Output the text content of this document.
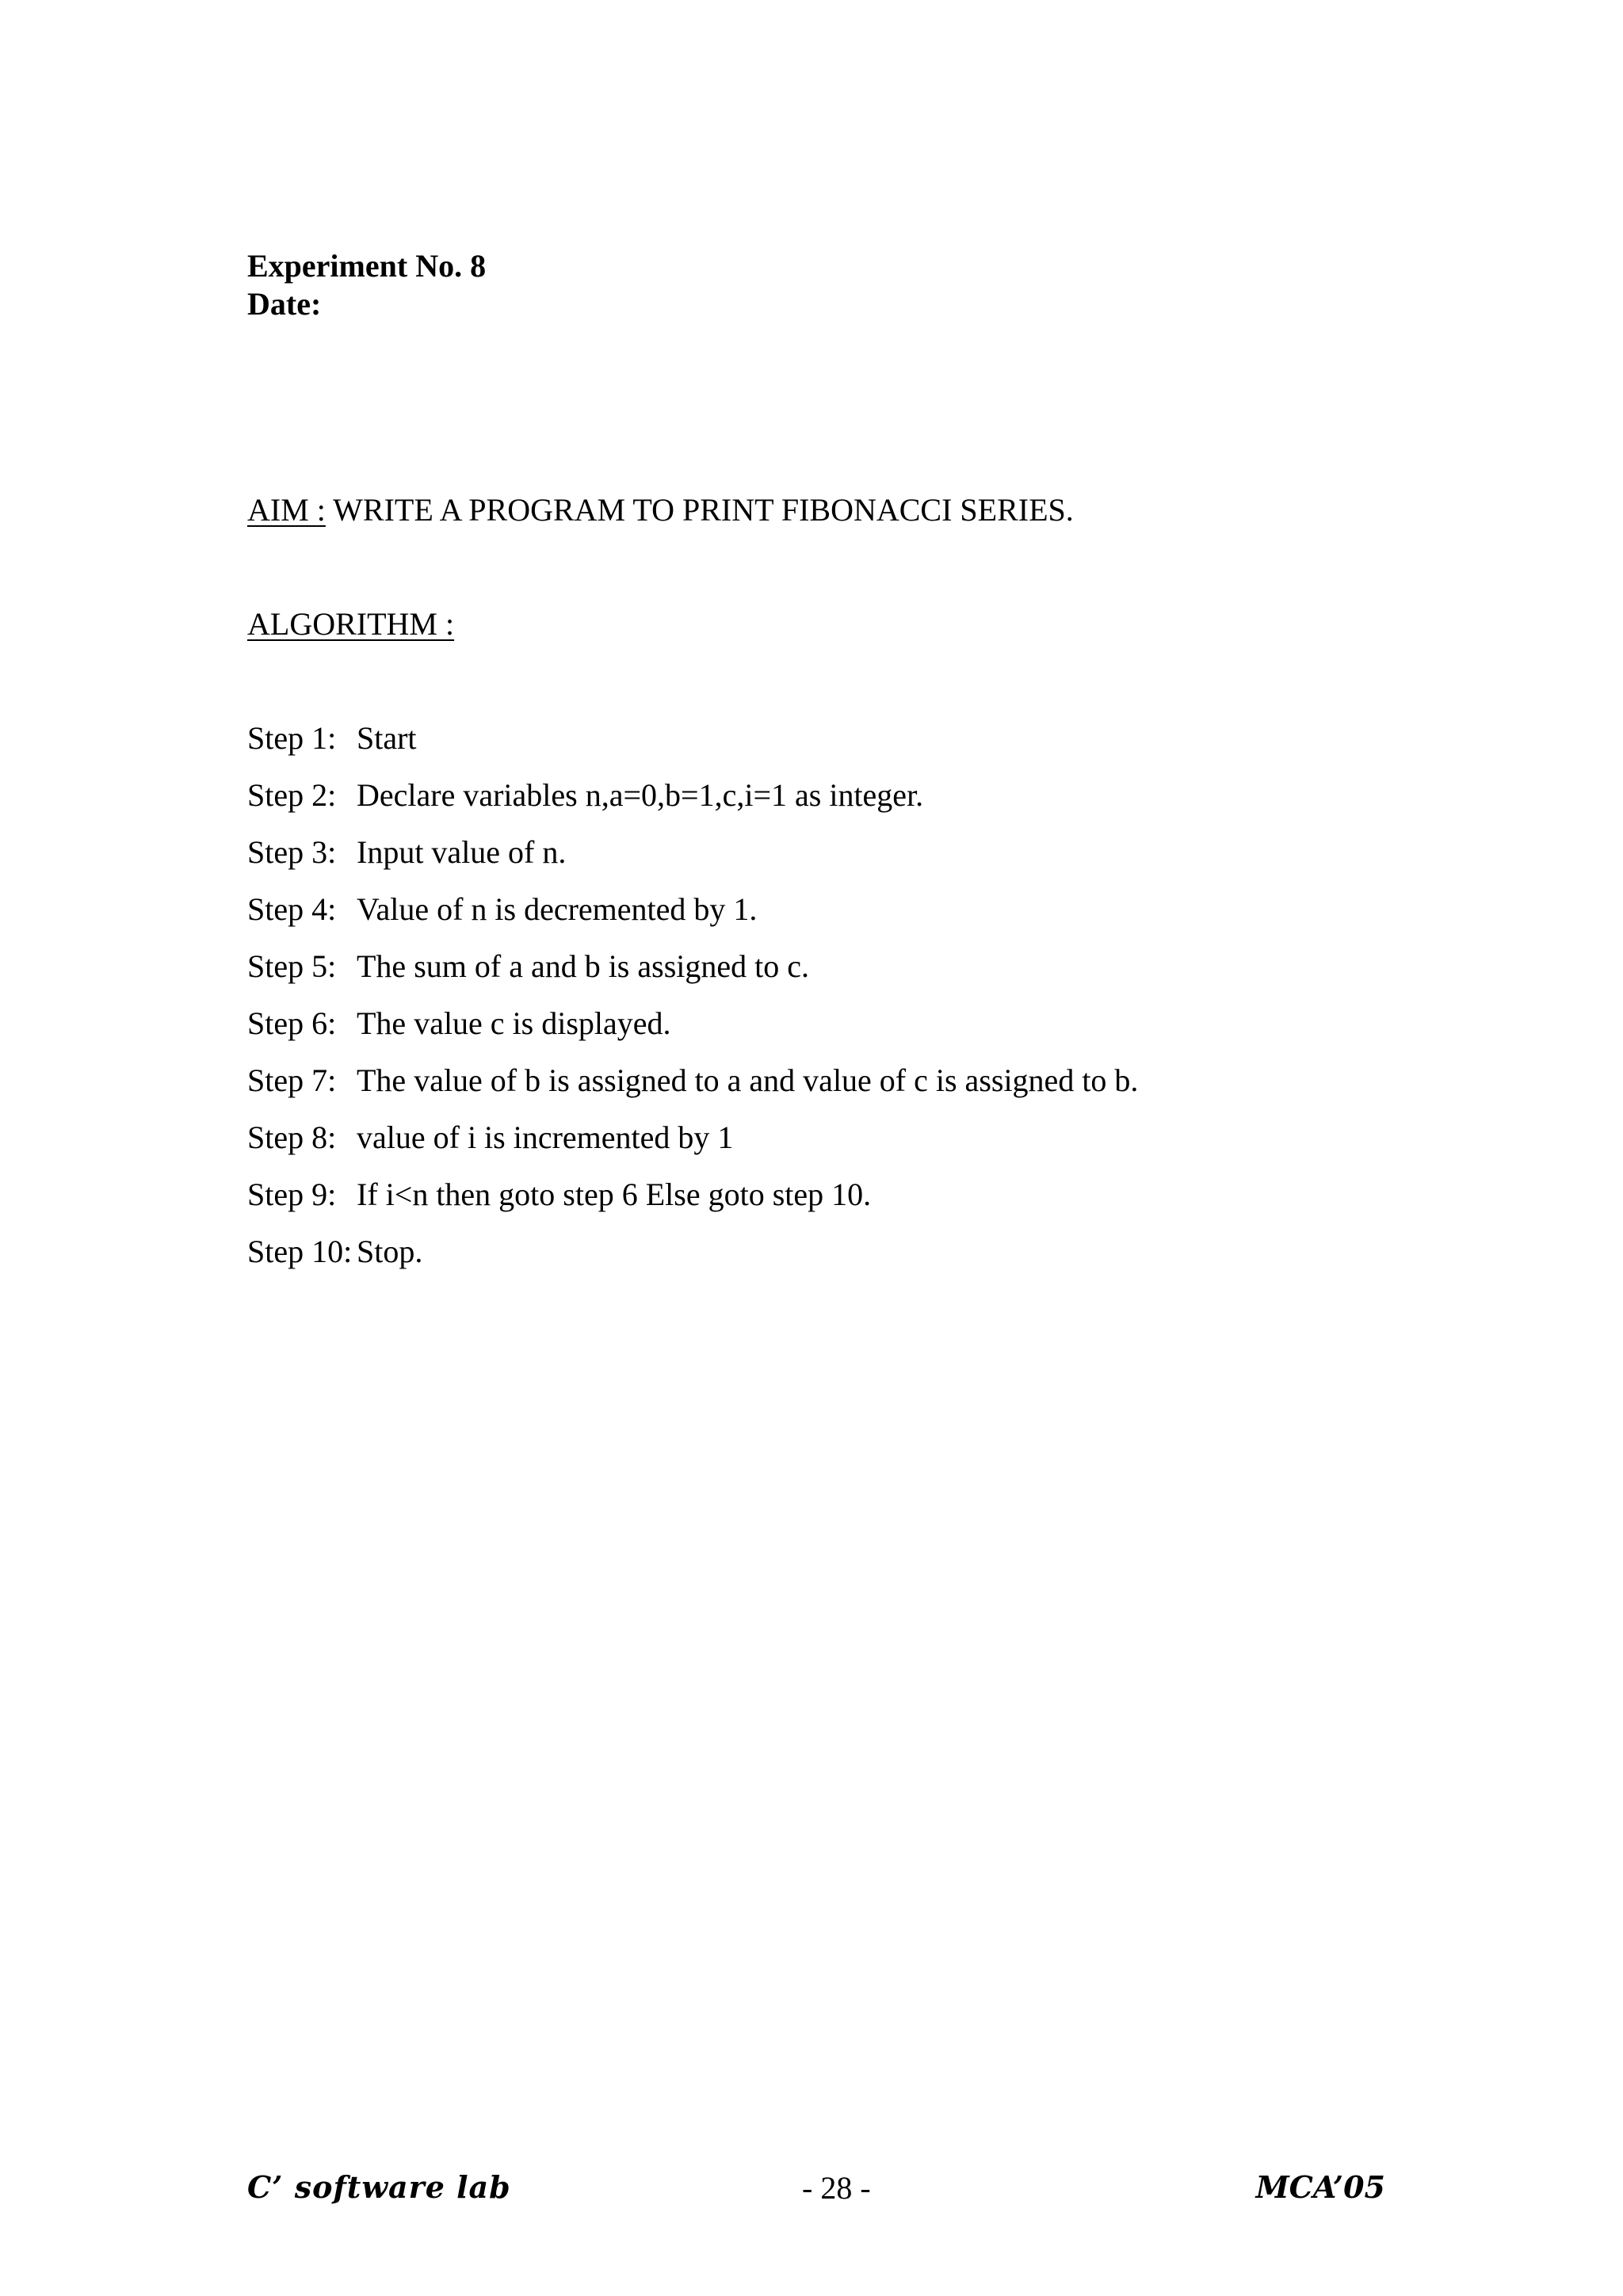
Experiment No. 8
Date:
AIM : WRITE A PROGRAM TO PRINT FIBONACCI SERIES.
ALGORITHM :
Step 1: Start
Step 2: Declare variables n,a=0,b=1,c,i=1 as integer.
Step 3: Input value of n.
Step 4: Value of n is decremented by 1.
Step 5: The sum of a and b is assigned to c.
Step 6: The value c is displayed.
Step 7: The value of b is assigned to a and value of c is assigned to b.
Step 8: value of i is incremented by 1
Step 9: If i<n then goto step 6 Else goto step 10.
Step 10: Stop.
C’ software lab	- 28 -	MCA’05
